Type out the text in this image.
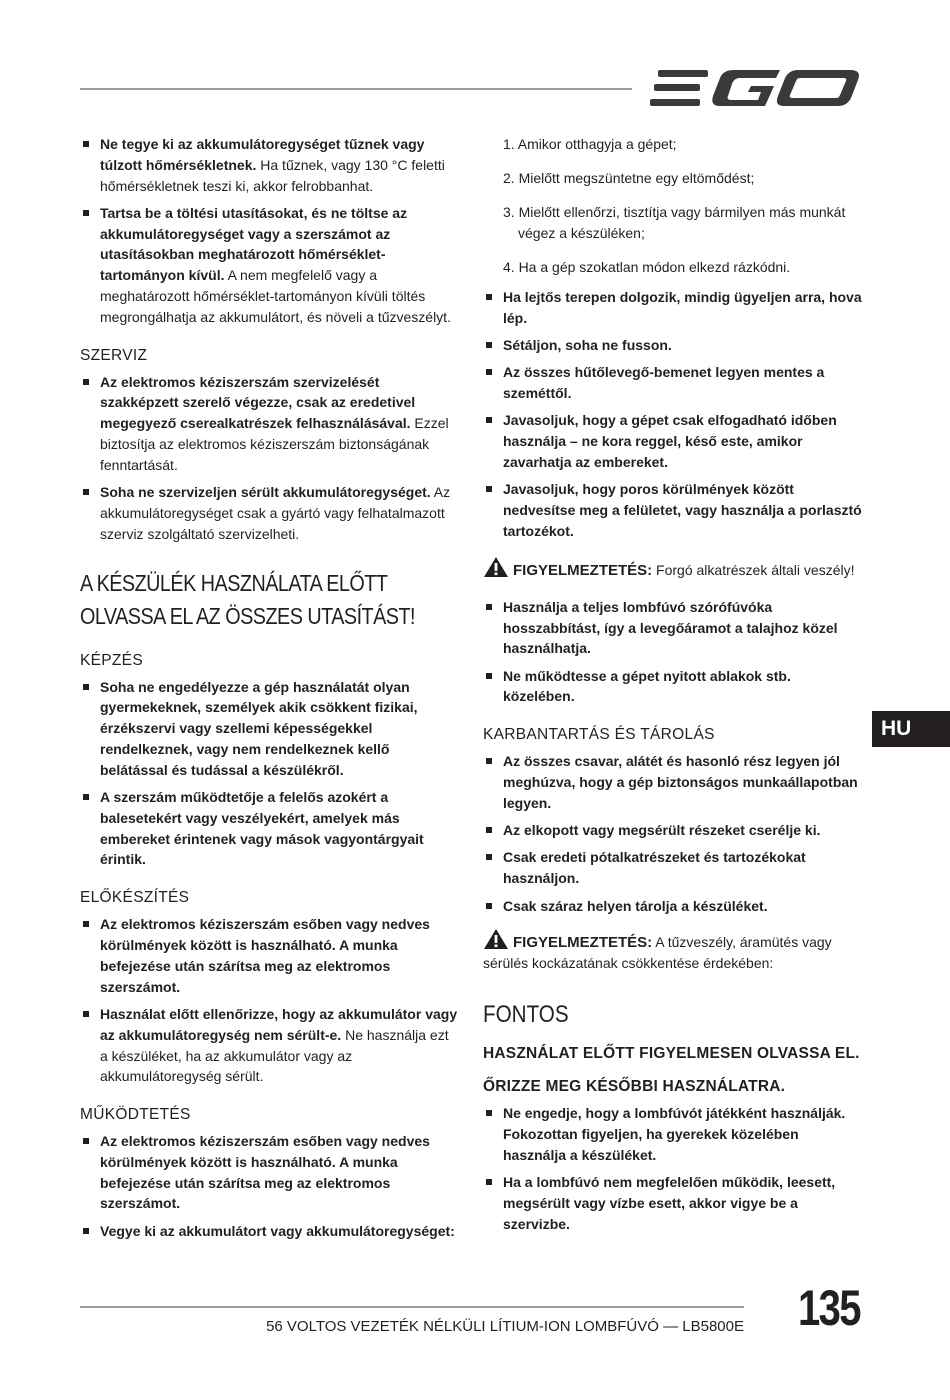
Ne tegye ki az akkumulátoregységet tűznek vagy túlzott hőmérsékletnek. Ha tűznek, vagy 130 °C feletti hőmérsékletnek teszi ki, akkor felrobbanhat.
Tartsa be a töltési utasításokat, és ne töltse az akkumulátoregységet vagy a szerszámot az utasításokban meghatározott hőmérséklet-tartományon kívül. A nem megfelelő vagy a meghatározott hőmérséklet-tartományon kívüli töltés megrongálhatja az akkumulátort, és növeli a tűzveszélyt.
SZERVIZ
Az elektromos kéziszerszám szervizelését szakképzett szerelő végezze, csak az eredetivel megegyező cserealkatrészek felhasználásával. Ezzel biztosítja az elektromos kéziszerszám biztonságának fenntartását.
Soha ne szervizeljen sérült akkumulátoregységet. Az akkumulátoregységet csak a gyártó vagy felhatalmazott szerviz szolgáltató szervizelheti.
A KÉSZÜLÉK HASZNÁLATA ELŐTT OLVASSA EL AZ ÖSSZES UTASÍTÁST!
KÉPZÉS
Soha ne engedélyezze a gép használatát olyan gyermekeknek, személyek akik csökkent fizikai, érzékszervi vagy szellemi képességekkel rendelkeznek, vagy nem rendelkeznek kellő belátással és tudással a készülékről.
A szerszám működtetője a felelős azokért a balesetekért vagy veszélyekért, amelyek más embereket érintenek vagy mások vagyontárgyait érintik.
ELŐKÉSZÍTÉS
Az elektromos kéziszerszám esőben vagy nedves körülmények között is használható. A munka befejezése után szárítsa meg az elektromos szerszámot.
Használat előtt ellenőrizze, hogy az akkumulátor vagy az akkumulátoregység nem sérült-e. Ne használja ezt a készüléket, ha az akkumulátor vagy az akkumulátoregység sérült.
MŰKÖDTETÉS
Az elektromos kéziszerszám esőben vagy nedves körülmények között is használható. A munka befejezése után szárítsa meg az elektromos szerszámot.
Vegye ki az akkumulátort vagy akkumulátoregységet:
1. Amikor otthagyja a gépet;
2. Mielőtt megszüntetne egy eltömődést;
3. Mielőtt ellenőrzi, tisztítja vagy bármilyen más munkát végez a készüléken;
4. Ha a gép szokatlan módon elkezd rázkódni.
Ha lejtős terepen dolgozik, mindig ügyeljen arra, hova lép.
Sétáljon, soha ne fusson.
Az összes hűtőlevegő-bemenet legyen mentes a szeméttől.
Javasoljuk, hogy a gépet csak elfogadható időben használja – ne kora reggel, késő este, amikor zavarhatja az embereket.
Javasoljuk, hogy poros körülmények között nedvesítse meg a felületet, vagy használja a porlasztó tartozékot.

FIGYELMEZTETÉS: Forgó alkatrészek általi veszély!

Használja a teljes lombfúvó szórófúvóka hosszabbítást, így a levegőáramot a talajhoz közel használhatja.
Ne működtesse a gépet nyitott ablakok stb. közelében.
KARBANTARTÁS ÉS TÁROLÁS
Az összes csavar, alátét és hasonló rész legyen jól meghúzva, hogy a gép biztonságos munkaállapotban legyen.
Az elkopott vagy megsérült részeket cserélje ki.
Csak eredeti pótalkatrészeket és tartozékokat használjon.
Csak száraz helyen tárolja a készüléket.

FIGYELMEZTETÉS: A tűzveszély, áramütés vagy sérülés kockázatának csökkentése érdekében:

FONTOS
HASZNÁLAT ELŐTT FIGYELMESEN OLVASSA EL.
ŐRIZZE MEG KÉSŐBBI HASZNÁLATRA.
Ne engedje, hogy a lombfúvót játékként használják. Fokozottan figyeljen, ha gyerekek közelében használja a készüléket.
Ha a lombfúvó nem megfelelően működik, leesett, megsérült vagy vízbe esett, akkor vigye be a szervizbe.
HU
56 VOLTOS VEZETÉK NÉLKÜLI LÍTIUM-ION LOMBFÚVÓ — LB5800E 135
